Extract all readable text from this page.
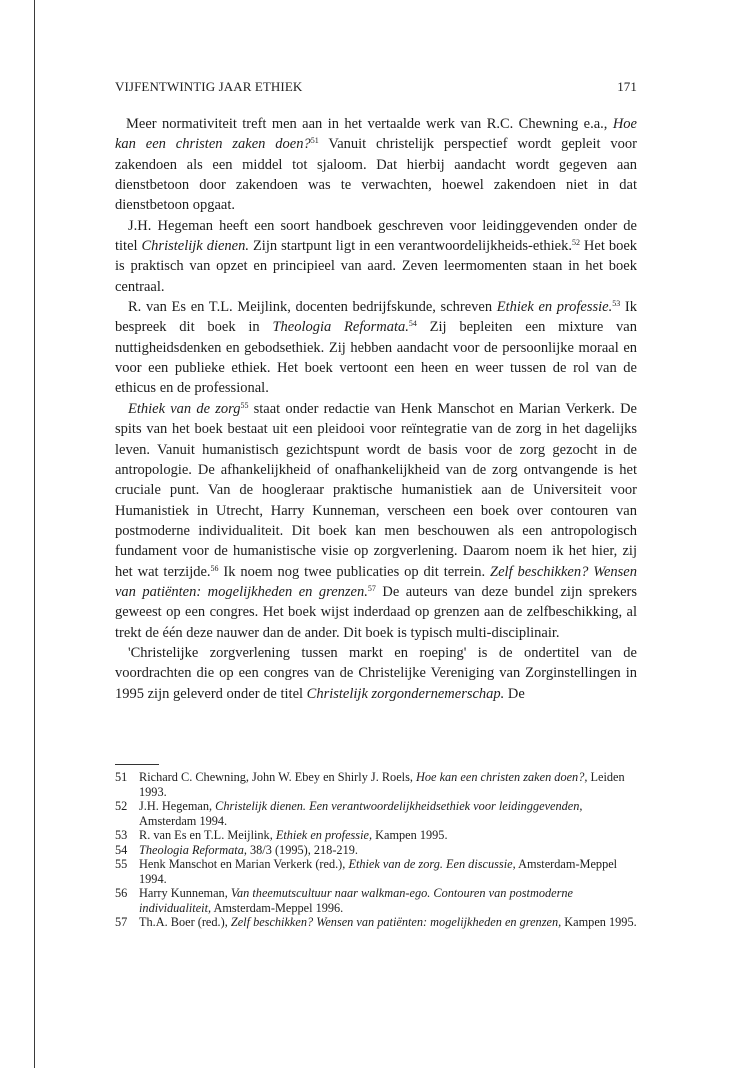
VIJFENTWINTIG JAAR ETHIEK	171

Meer normativiteit treft men aan in het vertaalde werk van R.C. Chewning e.a., Hoe kan een christen zaken doen?$^{51}$ Vanuit christelijk perspectief wordt gepleit voor zakendoen als een middel tot sjaloom. Dat hierbij aandacht wordt gegeven aan dienstbetoon door zakendoen was te verwachten, hoewel zakendoen niet in dat dienstbetoon opgaat.

J.H. Hegeman heeft een soort handboek geschreven voor leidinggevenden onder de titel Christelijk dienen. Zijn startpunt ligt in een verantwoordelijkheids-ethiek.$^{52}$ Het boek is praktisch van opzet en principieel van aard. Zeven leermomenten staan in het boek centraal.

R. van Es en T.L. Meijlink, docenten bedrijfskunde, schreven Ethiek en professie.$^{53}$ Ik bespreek dit boek in Theologia Reformata.$^{54}$ Zij bepleiten een mixture van nuttigheidsdenken en gebodsethiek. Zij hebben aandacht voor de persoonlijke moraal en voor een publieke ethiek. Het boek vertoont een heen en weer tussen de rol van de ethicus en de professional.

Ethiek van de zorg$^{55}$ staat onder redactie van Henk Manschot en Marian Verkerk. De spits van het boek bestaat uit een pleidooi voor reïntegratie van de zorg in het dagelijks leven. Vanuit humanistisch gezichtspunt wordt de basis voor de zorg gezocht in de antropologie. De afhankelijkheid of onafhankelijkheid van de zorg ontvangende is het cruciale punt. Van de hoogleraar praktische humanistiek aan de Universiteit voor Humanistiek in Utrecht, Harry Kunneman, verscheen een boek over contouren van postmoderne individualiteit. Dit boek kan men beschouwen als een antropologisch fundament voor de humanistische visie op zorgverlening. Daarom noem ik het hier, zij het wat terzijde.$^{56}$ Ik noem nog twee publicaties op dit terrein. Zelf beschikken? Wensen van patiënten: mogelijkheden en grenzen.$^{57}$ De auteurs van deze bundel zijn sprekers geweest op een congres. Het boek wijst inderdaad op grenzen aan de zelfbeschikking, al trekt de één deze nauwer dan de ander. Dit boek is typisch multi-disciplinair.

'Christelijke zorgverlening tussen markt en roeping' is de ondertitel van de voordrachten die op een congres van de Christelijke Vereniging van Zorginstellingen in 1995 zijn geleverd onder de titel Christelijk zorgondernemerschap. De

51 Richard C. Chewning, John W. Ebey en Shirly J. Roels, Hoe kan een christen zaken doen?, Leiden 1993.
52 J.H. Hegeman, Christelijk dienen. Een verantwoordelijkheidsethiek voor leidinggevenden, Amsterdam 1994.
53 R. van Es en T.L. Meijlink, Ethiek en professie, Kampen 1995.
54 Theologia Reformata, 38/3 (1995), 218-219.
55 Henk Manschot en Marian Verkerk (red.), Ethiek van de zorg. Een discussie, Amsterdam-Meppel 1994.
56 Harry Kunneman, Van theemutscultuur naar walkman-ego. Contouren van postmoderne individualiteit, Amsterdam-Meppel 1996.
57 Th.A. Boer (red.), Zelf beschikken? Wensen van patiënten: mogelijkheden en grenzen, Kampen 1995.
